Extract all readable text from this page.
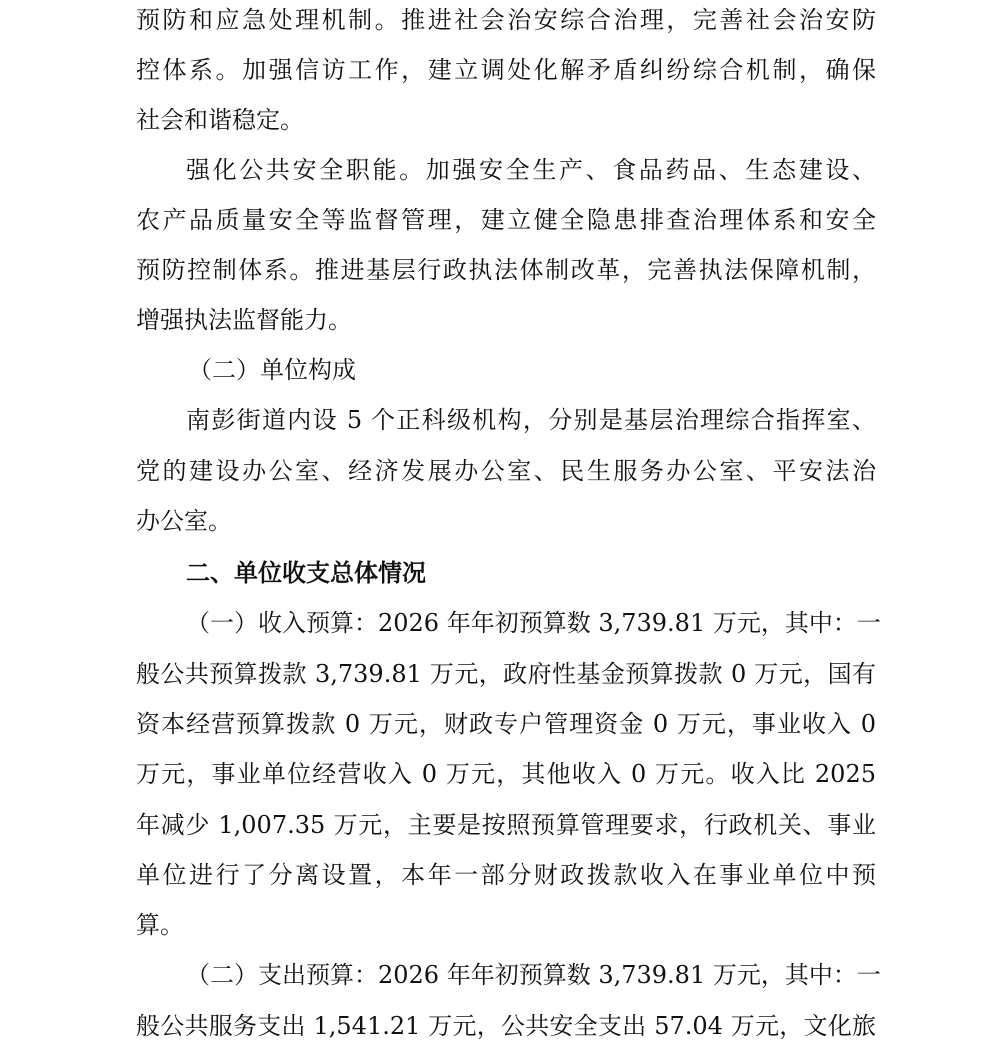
预防和应急处理机制。推进社会治安综合治理，完善社会治安防
控体系。加强信访工作，建立调处化解矛盾纠纷综合机制，确保
社会和谐稳定。
强化公共安全职能。加强安全生产、食品药品、生态建设、
农产品质量安全等监督管理，建立健全隐患排查治理体系和安全
预防控制体系。推进基层行政执法体制改革，完善执法保障机制，
增强执法监督能力。
（二）单位构成
南彭街道内设 5 个正科级机构，分别是基层治理综合指挥室、
党的建设办公室、经济发展办公室、民生服务办公室、平安法治
办公室。
二、单位收支总体情况
（一）收入预算：2026 年年初预算数 3,739.81 万元，其中：一
般公共预算拨款 3,739.81 万元，政府性基金预算拨款 0 万元，国有
资本经营预算拨款 0 万元，财政专户管理资金 0 万元，事业收入 0
万元，事业单位经营收入 0 万元，其他收入 0 万元。收入比 2025
年减少 1,007.35 万元，主要是按照预算管理要求，行政机关、事业
单位进行了分离设置，本年一部分财政拨款收入在事业单位中预
算。
（二）支出预算：2026 年年初预算数 3,739.81 万元，其中：一
般公共服务支出 1,541.21 万元，公共安全支出 57.04 万元，文化旅
